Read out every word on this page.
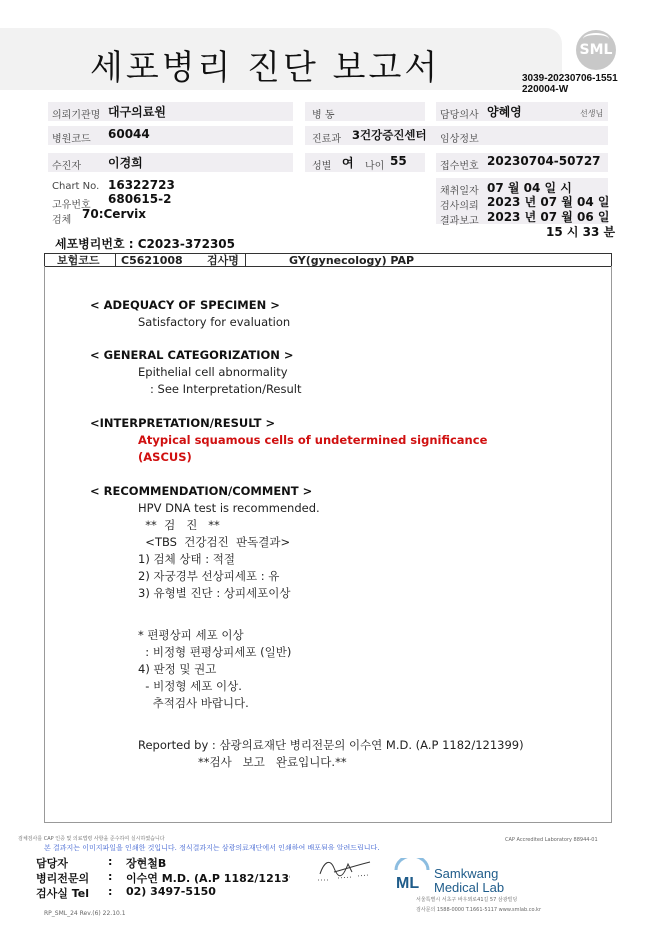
세포병리 진단 보고서	SML
3039-20230706-1551
220004-W
의뢰기관명 대구의료원	병 동	담당의사 양혜영	선생님
병원코드 60044	진료과 3건강증진센터 임상정보
수진자 이경희	성별 여 나이 55	접수번호 20230704-50727
Chart No. 16322723
고유번호 680615-2
검체 70:Cervix
채취일자 07 월 04 일 시
검사의뢰 2023 년 07 월 04 일
결과보고 2023 년 07 월 06 일
15 시 33 분
세포병리번호 : C2023-372305
보험코드 C5621008 검사명	GY(gynecology) PAP
< ADEQUACY OF SPECIMEN >
Satisfactory for evaluation
< GENERAL CATEGORIZATION >
Epithelial cell abnormality
: See Interpretation/Result
<INTERPRETATION/RESULT >
Atypical squamous cells of undetermined significance
(ASCUS)
< RECOMMENDATION/COMMENT >
HPV DNA test is recommended.
**  검   진   **
<TBS  건강검진  판독결과>
1) 검체 상태 : 적절
2) 자궁경부 선상피세포 : 유
3) 유형별 진단 : 상피세포이상
* 편평상피 세포 이상
: 비정형 편평상피세포 (일반)
4) 판정 및 권고
- 비정형 세포 이상.
추적검사 바랍니다.
Reported by : 삼광의료재단 병리전문의 이수연 M.D. (A.P 1182/121399)
**검사   보고   완료입니다.**
검체검사를 CAP 인증 및 의료법령 사항을 준수하여 실시하였습니다	CAP Accredited Laboratory 88944-01
본 결과지는 이미지파일을 인쇄한 것입니다. 정식결과지는 삼광의료재단에서 인쇄하여 배포됨을 알려드립니다.
담당자	: 장현철B
병리전문의 : 이수연 M.D. (A.P 1182/121399)
검사실 Tel : 02) 3497-5150	ML
Samkwang
Medical Lab
서울특별시 서초구 바우뫼로41길 57 삼광빌딩
검사문의 1588-0000 T.1661-5117 www.smlab.co.kr
RP_SML_24 Rev.(6) 22.10.1
